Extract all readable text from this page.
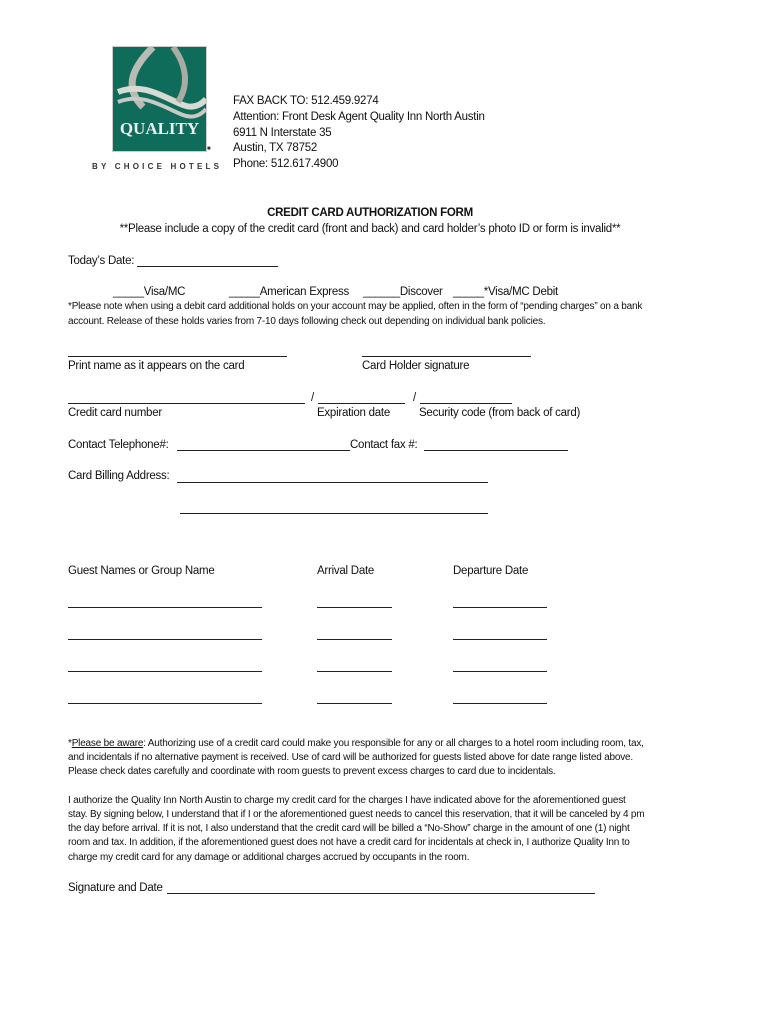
QUALITY
■
BY CHOICE HOTELS
FAX BACK TO: 512.459.9274
Attention: Front Desk Agent Quality Inn North Austin
6911 N Interstate 35
Austin, TX 78752
Phone: 512.617.4900
CREDIT CARD AUTHORIZATION FORM
**Please include a copy of the credit card (front and back) and card holder’s photo ID or form is invalid**
Today’s Date:
_____Visa/MC	_____American Express ______Discover _____*Visa/MC Debit
*Please note when using a debit card additional holds on your account may be applied, often in the form of “pending charges” on a bank
account. Release of these holds varies from 7-10 days following check out depending on individual bank policies.
Print name as it appears on the card	Card Holder signature
/	/
Credit card number	Expiration date	Security code (from back of card)
Contact Telephone#:	Contact fax #:
Card Billing Address:
Guest Names or Group Name	Arrival Date	Departure Date
*Please be aware: Authorizing use of a credit card could make you responsible for any or all charges to a hotel room including room, tax,
and incidentals if no alternative payment is received. Use of card will be authorized for guests listed above for date range listed above.
Please check dates carefully and coordinate with room guests to prevent excess charges to card due to incidentals.
I authorize the Quality Inn North Austin to charge my credit card for the charges I have indicated above for the aforementioned guest
stay. By signing below, I understand that if I or the aforementioned guest needs to cancel this reservation, that it will be canceled by 4 pm
the day before arrival. If it is not, I also understand that the credit card will be billed a “No-Show” charge in the amount of one (1) night
room and tax. In addition, if the aforementioned guest does not have a credit card for incidentals at check in, I authorize Quality Inn to
charge my credit card for any damage or additional charges accrued by occupants in the room.
Signature and Date
